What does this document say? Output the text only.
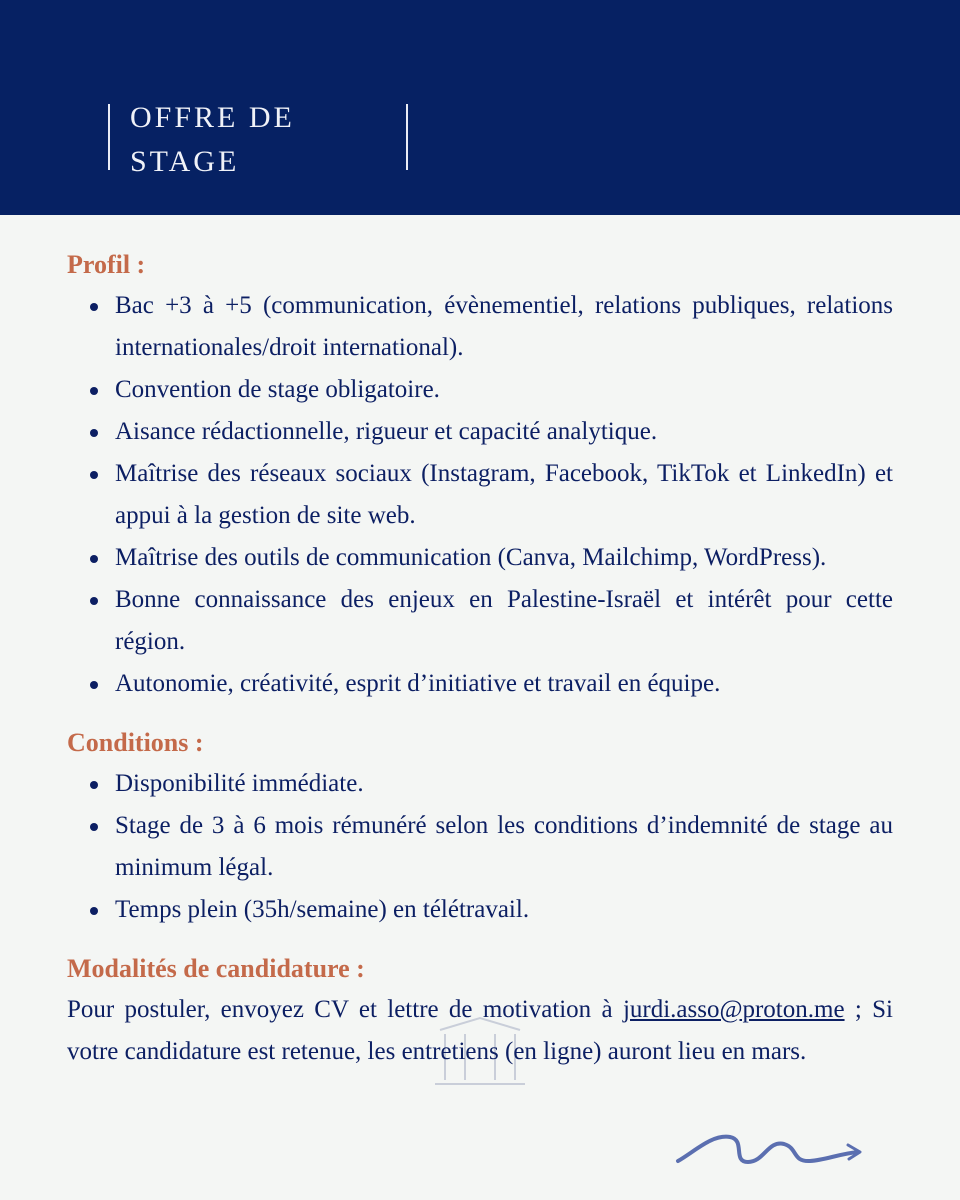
OFFRE DE
STAGE
Profil :
Bac +3 à +5 (communication, évènementiel, relations publiques, relations internationales/droit international).
Convention de stage obligatoire.
Aisance rédactionnelle, rigueur et capacité analytique.
Maîtrise des réseaux sociaux (Instagram, Facebook, TikTok et LinkedIn) et appui à la gestion de site web.
Maîtrise des outils de communication (Canva, Mailchimp, WordPress).
Bonne connaissance des enjeux en Palestine-Israël et intérêt pour cette région.
Autonomie, créativité, esprit d’initiative et travail en équipe.
Conditions :
Disponibilité immédiate.
Stage de 3 à 6 mois rémunéré selon les conditions d’indemnité de stage au minimum légal.
Temps plein (35h/semaine) en télétravail.
Modalités de candidature :

Pour postuler, envoyez CV et lettre de motivation à jurdi.asso@proton.me ; Si votre candidature est retenue, les entretiens (en ligne) auront lieu en mars.
